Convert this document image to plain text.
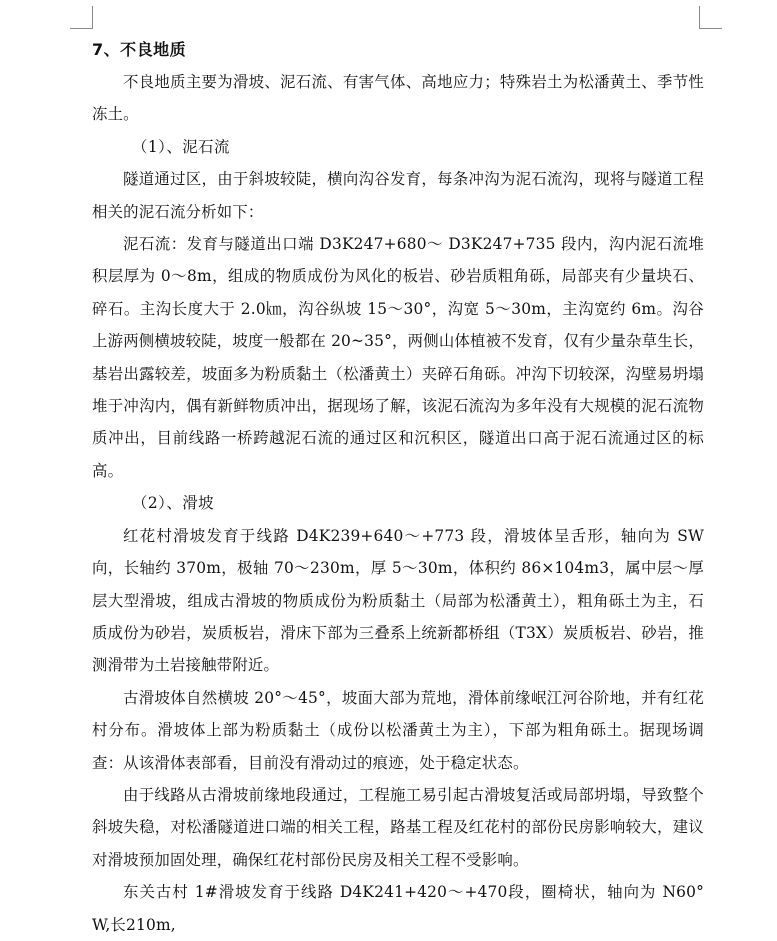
7、不良地质

不良地质主要为滑坡、泥石流、有害气体、高地应力；特殊岩土为松潘黄土、季节性冻土。

（1）、泥石流

隧道通过区，由于斜坡较陡，横向沟谷发育，每条冲沟为泥石流沟，现将与隧道工程相关的泥石流分析如下：

泥石流：发育与隧道出口端 D3K247+680～ D3K247+735 段内，沟内泥石流堆积层厚为 0～8m，组成的物质成份为风化的板岩、砂岩质粗角砾，局部夹有少量块石、碎石。主沟长度大于 2.0㎞，沟谷纵坡 15～30°，沟宽 5～30m，主沟宽约 6m。沟谷上游两侧横坡较陡，坡度一般都在 20~35°，两侧山体植被不发育，仅有少量杂草生长，基岩出露较差，坡面多为粉质黏土（松潘黄土）夹碎石角砾。冲沟下切较深，沟壁易坍塌堆于冲沟内，偶有新鲜物质冲出，据现场了解，该泥石流沟为多年没有大规模的泥石流物质冲出，目前线路一桥跨越泥石流的通过区和沉积区，隧道出口高于泥石流通过区的标高。

（2）、滑坡

红花村滑坡发育于线路 D4K239+640～+773 段，滑坡体呈舌形，轴向为 SW 向，长轴约 370m，极轴 70～230m，厚 5～30m，体积约 86×104m3，属中层～厚层大型滑坡，组成古滑坡的物质成份为粉质黏土（局部为松潘黄土），粗角砾土为主，石质成份为砂岩，炭质板岩，滑床下部为三叠系上统新都桥组（T3X）炭质板岩、砂岩，推测滑带为土岩接触带附近。

古滑坡体自然横坡 20°～45°，坡面大部为荒地，滑体前缘岷江河谷阶地，并有红花村分布。滑坡体上部为粉质黏土（成份以松潘黄土为主），下部为粗角砾土。据现场调查：从该滑体表部看，目前没有滑动过的痕迹，处于稳定状态。

由于线路从古滑坡前缘地段通过，工程施工易引起古滑坡复活或局部坍塌，导致整个斜坡失稳，对松潘隧道进口端的相关工程，路基工程及红花村的部份民房影响较大，建议对滑坡预加固处理，确保红花村部份民房及相关工程不受影响。

东关古村 1#滑坡发育于线路 D4K241+420～+470段，圈椅状，轴向为 N60° W,长210m,
